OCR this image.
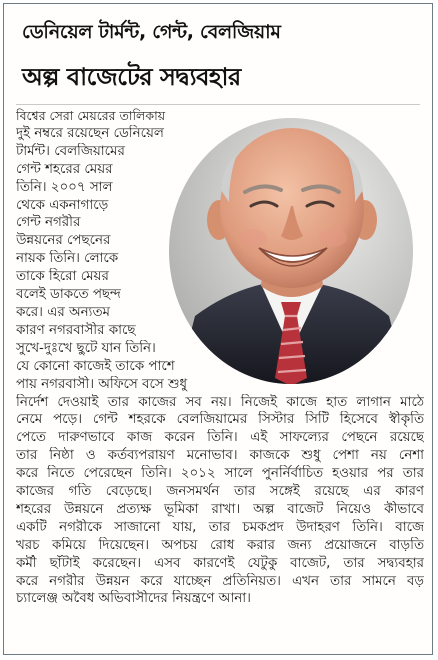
ডেনিয়েল টার্মন্ট, গেন্ট, বেলজিয়াম
অল্প বাজেটের সদ্ব্যবহার
বিশ্বের সেরা মেয়রের তালিকায়
দুই নম্বরে রয়েছেন ডেনিয়েল
টার্মন্ট। বেলজিয়ামের
গেন্ট শহরের মেয়র
তিনি। ২০০৭ সাল
থেকে একনাগাড়ে
গেন্ট নগরীর
উন্নয়নের পেছনের
নায়ক তিনি। লোকে
তাকে হিরো মেয়র
বলেই ডাকতে পছন্দ
করে। এর অন্যতম
কারণ নগরবাসীর কাছে
সুখে-দুঃখে ছুটে যান তিনি।
যে কোনো কাজেই তাকে পাশে
পায় নগরবাসী। অফিসে বসে শুধু
নির্দেশ দেওয়াই তার কাজের সব নয়। নিজেই কাজে হাত লাগান মাঠে
নেমে পড়ে। গেন্ট শহরকে বেলজিয়ামের সিস্টার সিটি হিসেবে স্বীকৃতি
পেতে দারুণভাবে কাজ করেন তিনি। এই সাফল্যের পেছনে রয়েছে
তার নিষ্ঠা ও কর্তব্যপরায়ণ মনোভাব। কাজকে শুধু পেশা নয় নেশা
করে নিতে পেরেছেন তিনি। ২০১২ সালে পুনর্নির্বাচিত হওয়ার পর তার
কাজের গতি বেড়েছে। জনসমর্থন তার সঙ্গেই রয়েছে এর কারণ
শহরের উন্নয়নে প্রত্যক্ষ ভূমিকা রাখা। অল্প বাজেট নিয়েও কীভাবে
একটি নগরীকে সাজানো যায়, তার চমকপ্রদ উদাহরণ তিনি। বাজে
খরচ কমিয়ে দিয়েছেন। অপচয় রোধ করার জন্য প্রয়োজনে বাড়তি
কর্মী ছাঁটাই করেছেন। এসব কারণেই যেটুকু বাজেট, তার সদ্ব্যবহার
করে নগরীর উন্নয়ন করে যাচ্ছেন প্রতিনিয়ত। এখন তার সামনে বড়
চ্যালেঞ্জ অবৈধ অভিবাসীদের নিয়ন্ত্রণে আনা।
